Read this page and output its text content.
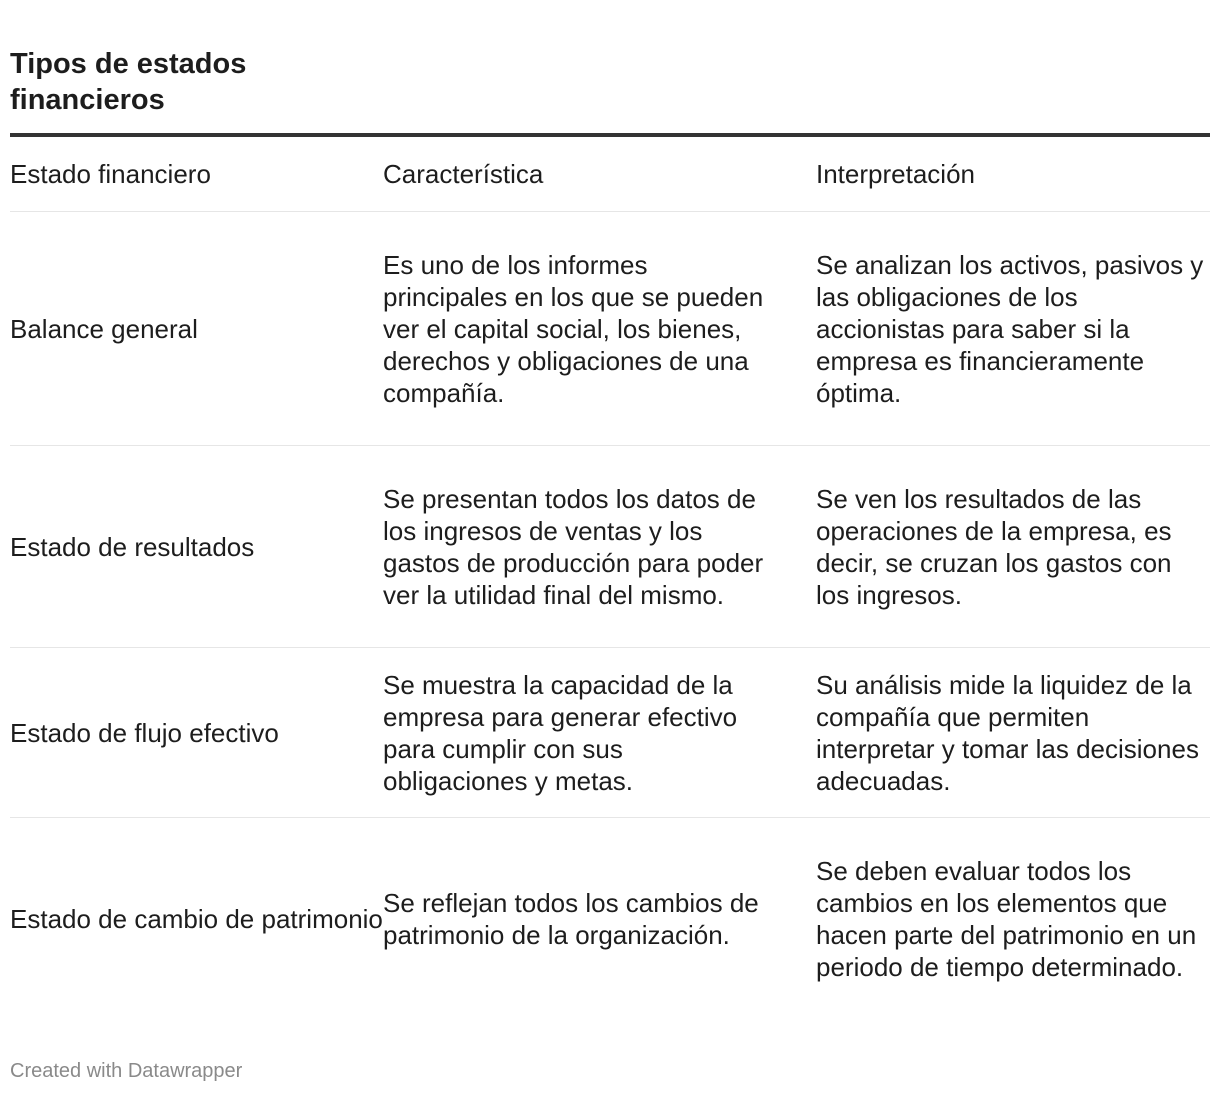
Tipos de estados financieros
Estado financiero	Característica	Interpretación
Balance general	Es uno de los informes principales en los que se pueden ver el capital social, los bienes, derechos y obligaciones de una compañía.	Se analizan los activos, pasivos y las obligaciones de los accionistas para saber si la empresa es financieramente óptima.
Estado de resultados	Se presentan todos los datos de los ingresos de ventas y los gastos de producción para poder ver la utilidad final del mismo.	Se ven los resultados de las operaciones de la empresa, es decir, se cruzan los gastos con los ingresos.
Estado de flujo efectivo	Se muestra la capacidad de la empresa para generar efectivo para cumplir con sus obligaciones y metas.	Su análisis mide la liquidez de la compañía que permiten interpretar y tomar las decisiones adecuadas.
Estado de cambio de patrimonio	Se reflejan todos los cambios de patrimonio de la organización.	Se deben evaluar todos los cambios en los elementos que hacen parte del patrimonio en un periodo de tiempo determinado.
Created with Datawrapper
